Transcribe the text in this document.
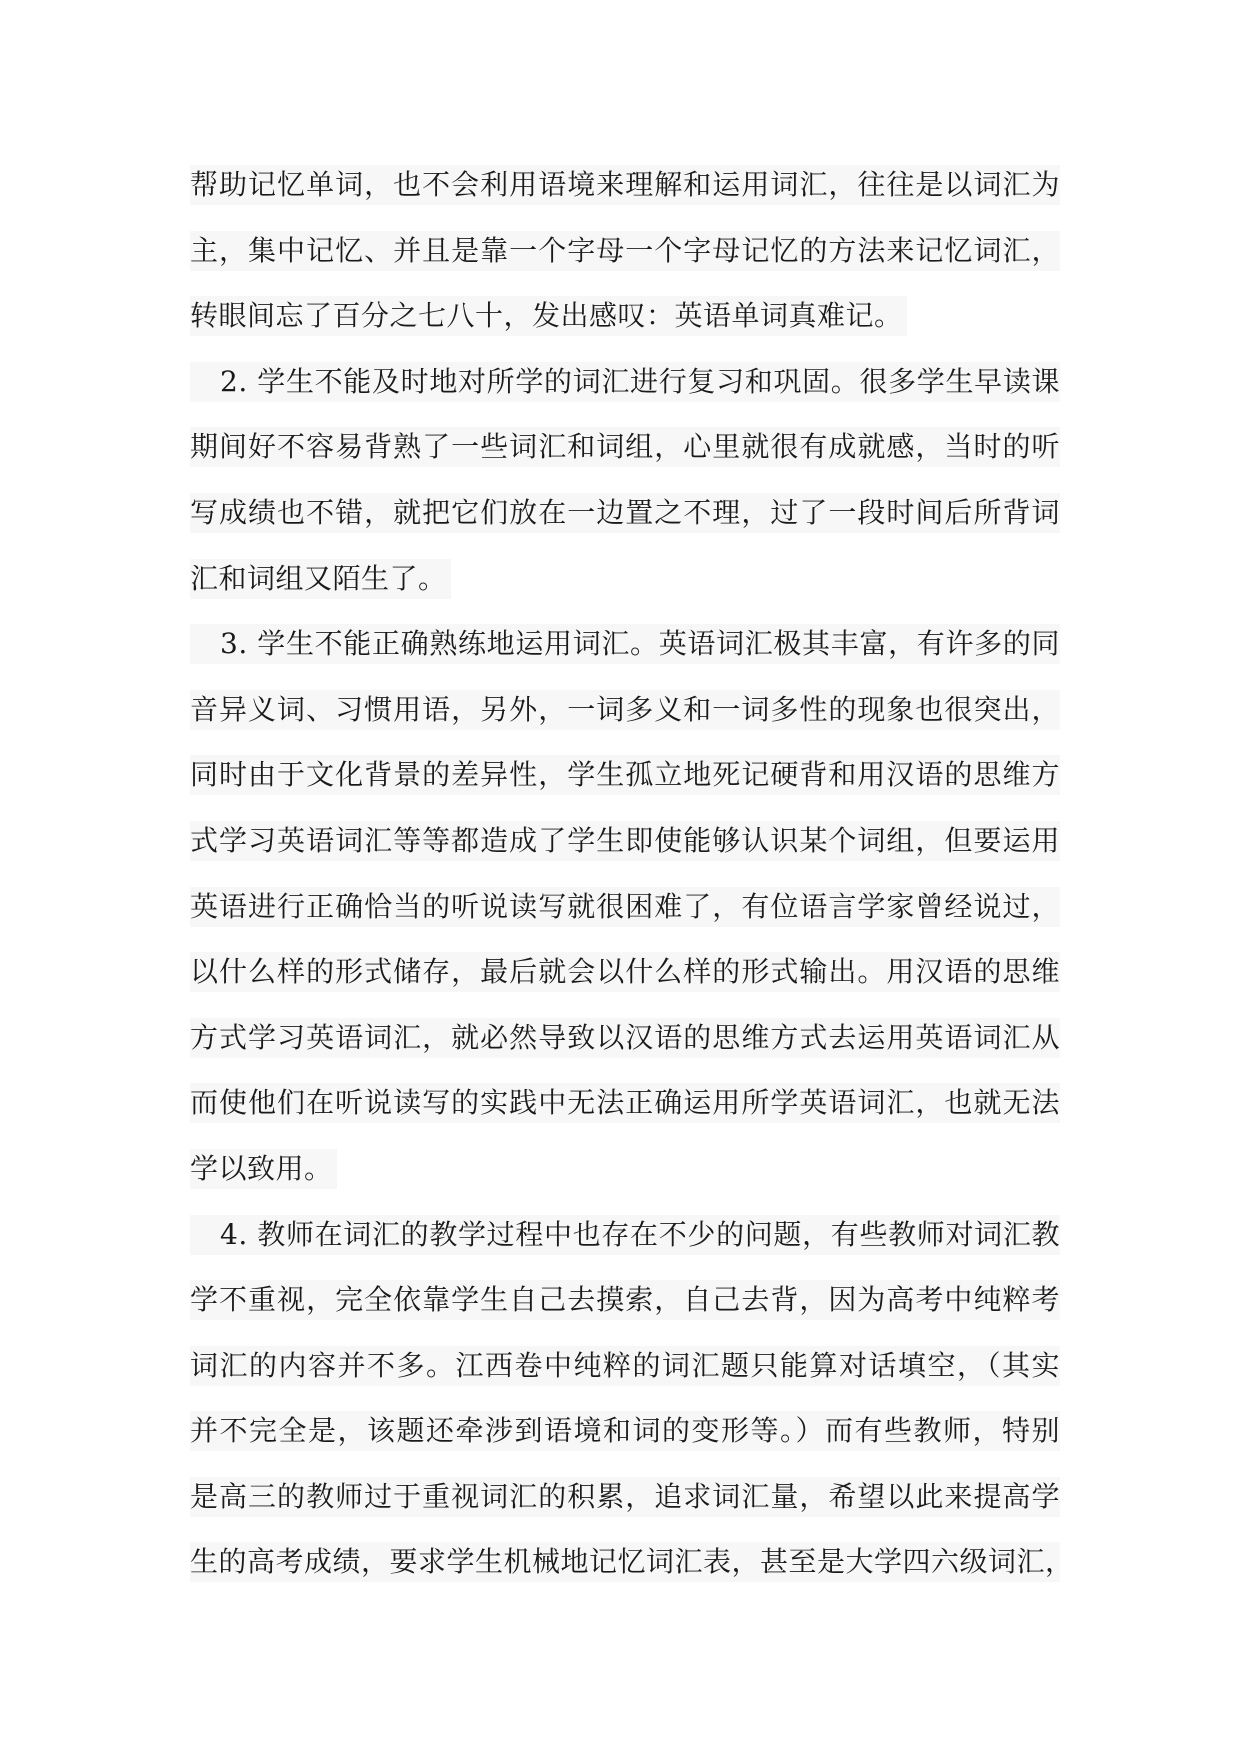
帮助记忆单词，也不会利用语境来理解和运用词汇，往往是以词汇为
主，集中记忆、并且是靠一个字母一个字母记忆的方法来记忆词汇，
转眼间忘了百分之七八十，发出感叹：英语单词真难记。
2. 学生不能及时地对所学的词汇进行复习和巩固。很多学生早读课
期间好不容易背熟了一些词汇和词组，心里就很有成就感，当时的听
写成绩也不错，就把它们放在一边置之不理，过了一段时间后所背词
汇和词组又陌生了。
3. 学生不能正确熟练地运用词汇。英语词汇极其丰富，有许多的同
音异义词、习惯用语，另外，一词多义和一词多性的现象也很突出，
同时由于文化背景的差异性，学生孤立地死记硬背和用汉语的思维方
式学习英语词汇等等都造成了学生即使能够认识某个词组，但要运用
英语进行正确恰当的听说读写就很困难了，有位语言学家曾经说过，
以什么样的形式储存，最后就会以什么样的形式输出。用汉语的思维
方式学习英语词汇，就必然导致以汉语的思维方式去运用英语词汇从
而使他们在听说读写的实践中无法正确运用所学英语词汇，也就无法
学以致用。
4. 教师在词汇的教学过程中也存在不少的问题，有些教师对词汇教
学不重视，完全依靠学生自己去摸索，自己去背，因为高考中纯粹考
词汇的内容并不多。江西卷中纯粹的词汇题只能算对话填空，（其实
并不完全是，该题还牵涉到语境和词的变形等。）而有些教师，特别
是高三的教师过于重视词汇的积累，追求词汇量，希望以此来提高学
生的高考成绩，要求学生机械地记忆词汇表，甚至是大学四六级词汇，
